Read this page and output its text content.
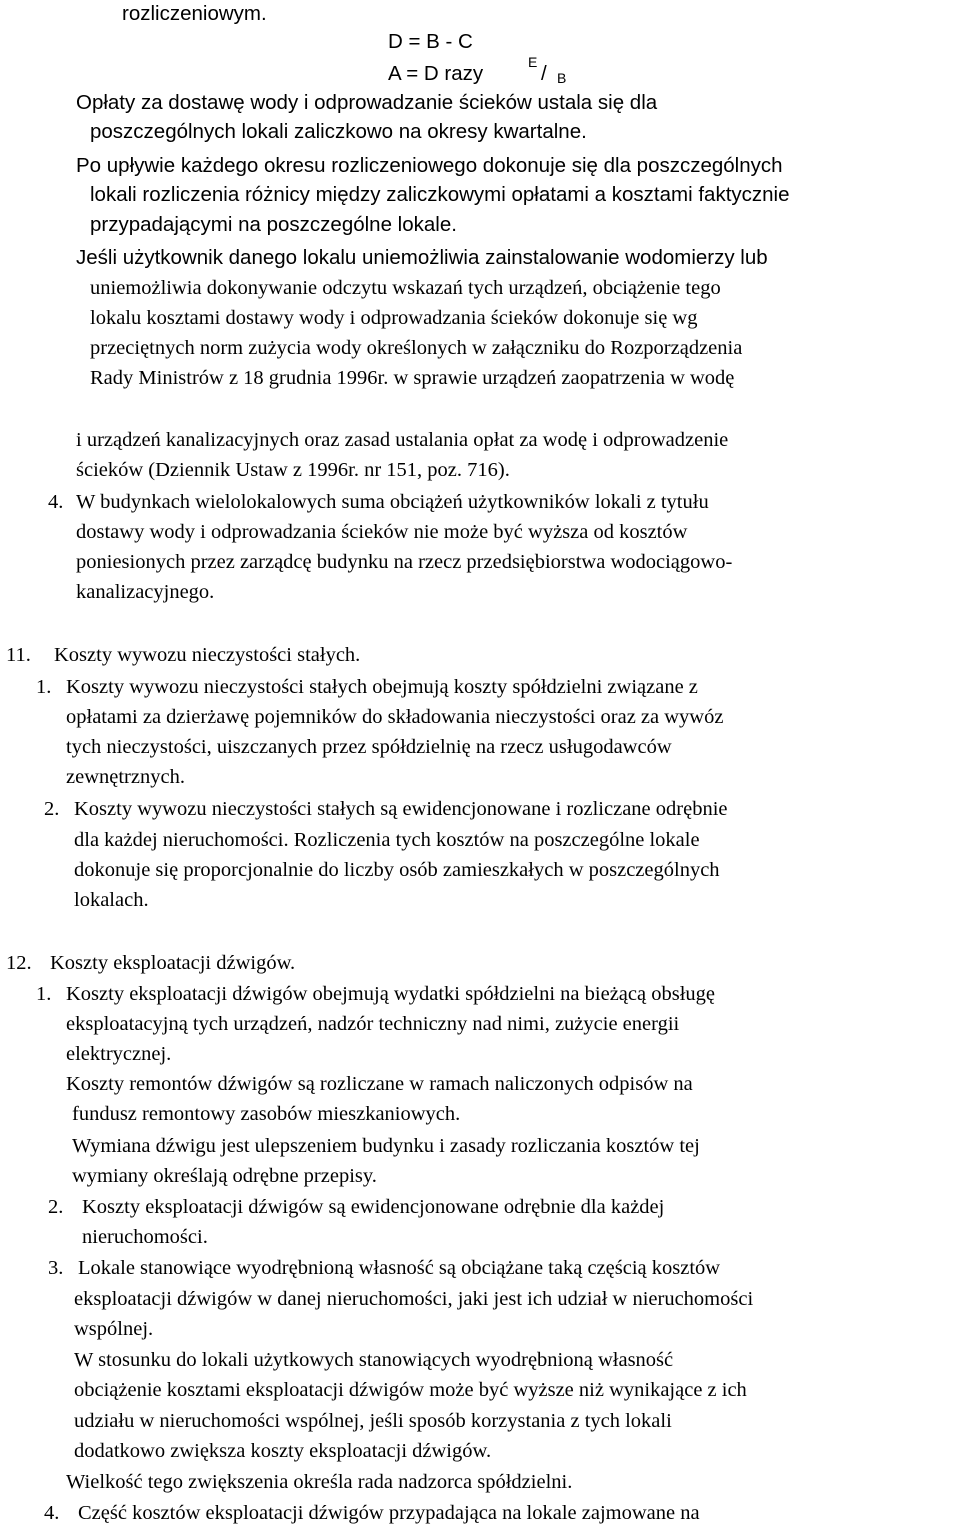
rozliczeniowym.
D = B - C
A = D razy	E / B
Opłaty za dostawę wody i odprowadzanie ścieków ustala się dla
poszczególnych lokali zaliczkowo na okresy kwartalne.
Po upływie każdego okresu rozliczeniowego dokonuje się dla poszczególnych
lokali rozliczenia różnicy między zaliczkowymi opłatami a kosztami faktycznie
przypadającymi na poszczególne lokale.
Jeśli użytkownik danego lokalu uniemożliwia zainstalowanie wodomierzy lub
uniemożliwia dokonywanie odczytu wskazań tych urządzeń, obciążenie tego
lokalu kosztami dostawy wody i odprowadzania ścieków dokonuje się wg
przeciętnych norm zużycia wody określonych w załączniku do Rozporządzenia
Rady Ministrów z 18 grudnia 1996r. w sprawie urządzeń zaopatrzenia w wodę
i urządzeń kanalizacyjnych oraz zasad ustalania opłat za wodę i odprowadzenie
ścieków (Dziennik Ustaw z 1996r. nr 151, poz. 716).
4. W budynkach wielolokalowych suma obciążeń użytkowników lokali z tytułu
dostawy wody i odprowadzania ścieków nie może być wyższa od kosztów
poniesionych przez zarządcę budynku na rzecz przedsiębiorstwa wodociągowo-
kanalizacyjnego.
11. Koszty wywozu nieczystości stałych.
1. Koszty wywozu nieczystości stałych obejmują koszty spółdzielni związane z
opłatami za dzierżawę pojemników do składowania nieczystości oraz za wywóz
tych nieczystości, uiszczanych przez spółdzielnię na rzecz usługodawców
zewnętrznych.
2. Koszty wywozu nieczystości stałych są ewidencjonowane i rozliczane odrębnie
dla każdej nieruchomości. Rozliczenia tych kosztów na poszczególne lokale
dokonuje się proporcjonalnie do liczby osób zamieszkałych w poszczególnych
lokalach.
12. Koszty eksploatacji dźwigów.
1. Koszty eksploatacji dźwigów obejmują wydatki spółdzielni na bieżącą obsługę
eksploatacyjną tych urządzeń, nadzór techniczny nad nimi, zużycie energii
elektrycznej.
Koszty remontów dźwigów są rozliczane w ramach naliczonych odpisów na
fundusz remontowy zasobów mieszkaniowych.
Wymiana dźwigu jest ulepszeniem budynku i zasady rozliczania kosztów tej
wymiany określają odrębne przepisy.
2. Koszty eksploatacji dźwigów są ewidencjonowane odrębnie dla każdej
nieruchomości.
3. Lokale stanowiące wyodrębnioną własność są obciążane taką częścią kosztów
eksploatacji dźwigów w danej nieruchomości, jaki jest ich udział w nieruchomości
wspólnej.
W stosunku do lokali użytkowych stanowiących wyodrębnioną własność
obciążenie kosztami eksploatacji dźwigów może być wyższe niż wynikające z ich
udziału w nieruchomości wspólnej, jeśli sposób korzystania z tych lokali
dodatkowo zwiększa koszty eksploatacji dźwigów.
Wielkość tego zwiększenia określa rada nadzorca spółdzielni.
4. Część kosztów eksploatacji dźwigów przypadająca na lokale zajmowane na
